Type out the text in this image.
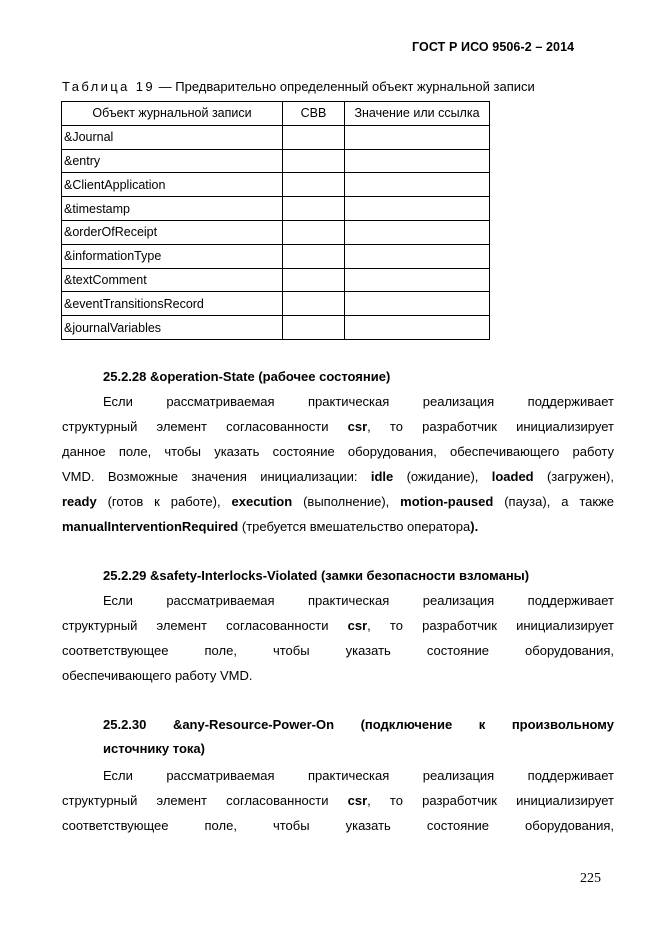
ГОСТ Р ИСО 9506-2 – 2014
Таблица 19 — Предварительно определенный объект журнальной записи
Объект журнальной записи	СВВ	Значение или ссылка
&Journal		
&entry		
&ClientApplication		
&timestamp		
&orderOfReceipt		
&informationType		
&textComment		
&eventTransitionsRecord		
&journalVariables		
25.2.28 &operation-State (рабочее состояние)
Если рассматриваемая практическая реализация поддерживает
структурный элемент согласованности csr, то разработчик инициализирует
данное поле, чтобы указать состояние оборудования, обеспечивающего работу
VMD. Возможные значения инициализации: idle (ожидание), loaded (загружен),
ready (готов к работе), execution (выполнение), motion-paused (пауза), а также
manualInterventionRequired (требуется вмешательство оператора).
25.2.29 &safety-Interlocks-Violated (замки безопасности взломаны)
Если рассматриваемая практическая реализация поддерживает
структурный элемент согласованности csr, то разработчик инициализирует
соответствующее поле, чтобы указать состояние оборудования,
обеспечивающего работу VMD.
25.2.30 &any-Resource-Power-On (подключение к произвольному
источнику тока)
Если рассматриваемая практическая реализация поддерживает
структурный элемент согласованности csr, то разработчик инициализирует
соответствующее поле, чтобы указать состояние оборудования,
225
